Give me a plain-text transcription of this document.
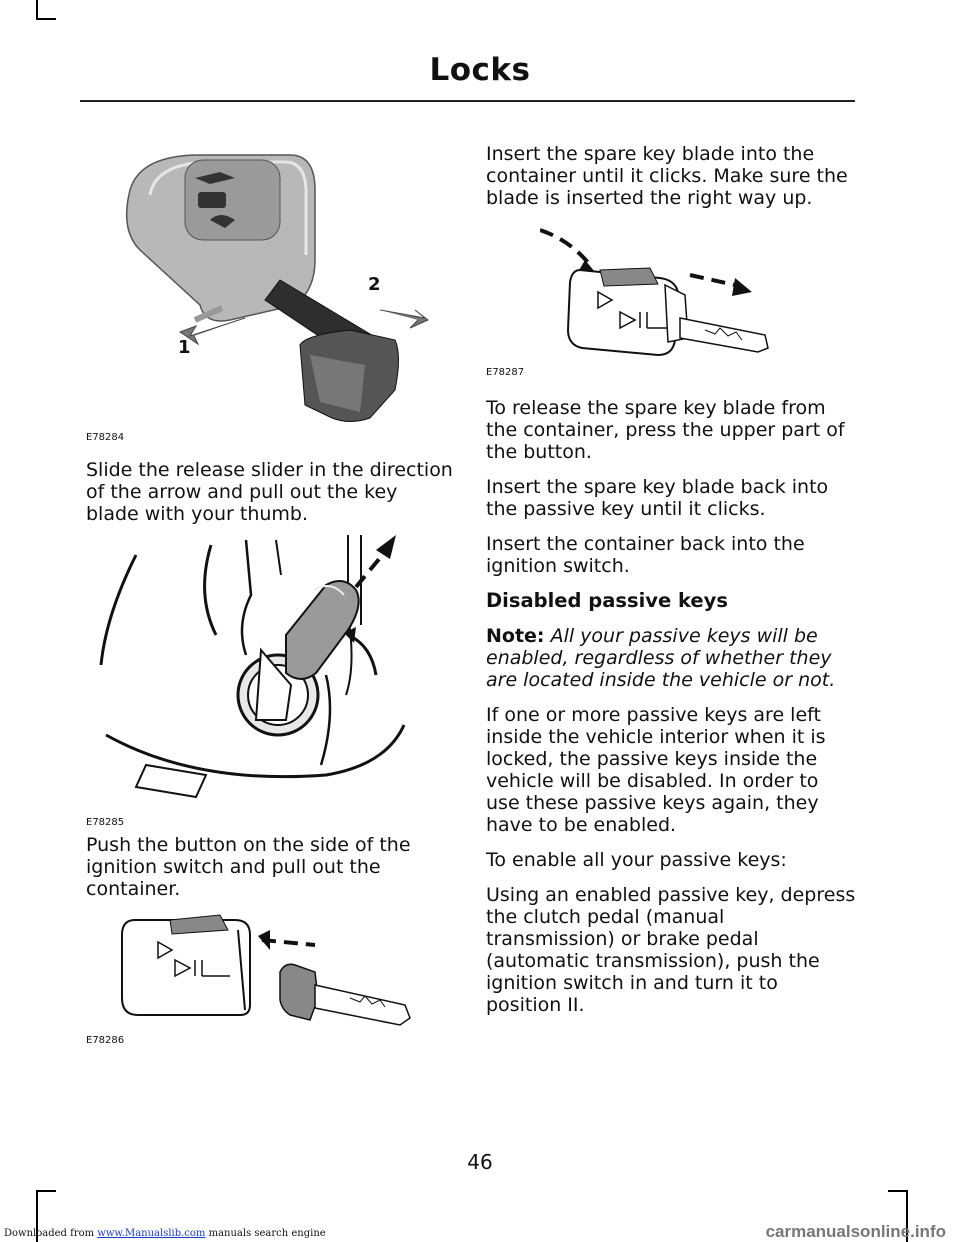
Locks
1
2
E78284

Slide the release slider in the direction of the arrow and pull out the key blade with your thumb.

E78285

Push the button on the side of the ignition switch and pull out the container.

E78286

Insert the spare key blade into the container until it clicks. Make sure the blade is inserted the right way up.

E78287

To release the spare key blade from the container, press the upper part of the button.

Insert the spare key blade back into the passive key until it clicks.

Insert the container back into the ignition switch.

Disabled passive keys

Note: All your passive keys will be enabled, regardless of whether they are located inside the vehicle or not.

If one or more passive keys are left inside the vehicle interior when it is locked, the passive keys inside the vehicle will be disabled. In order to use these passive keys again, they have to be enabled.

To enable all your passive keys:

Using an enabled passive key, depress the clutch pedal (manual transmission) or brake pedal (automatic transmission), push the ignition switch in and turn it to position II.

46
Downloaded from www.Manualslib.com manuals search engine	carmanualsonline.info
